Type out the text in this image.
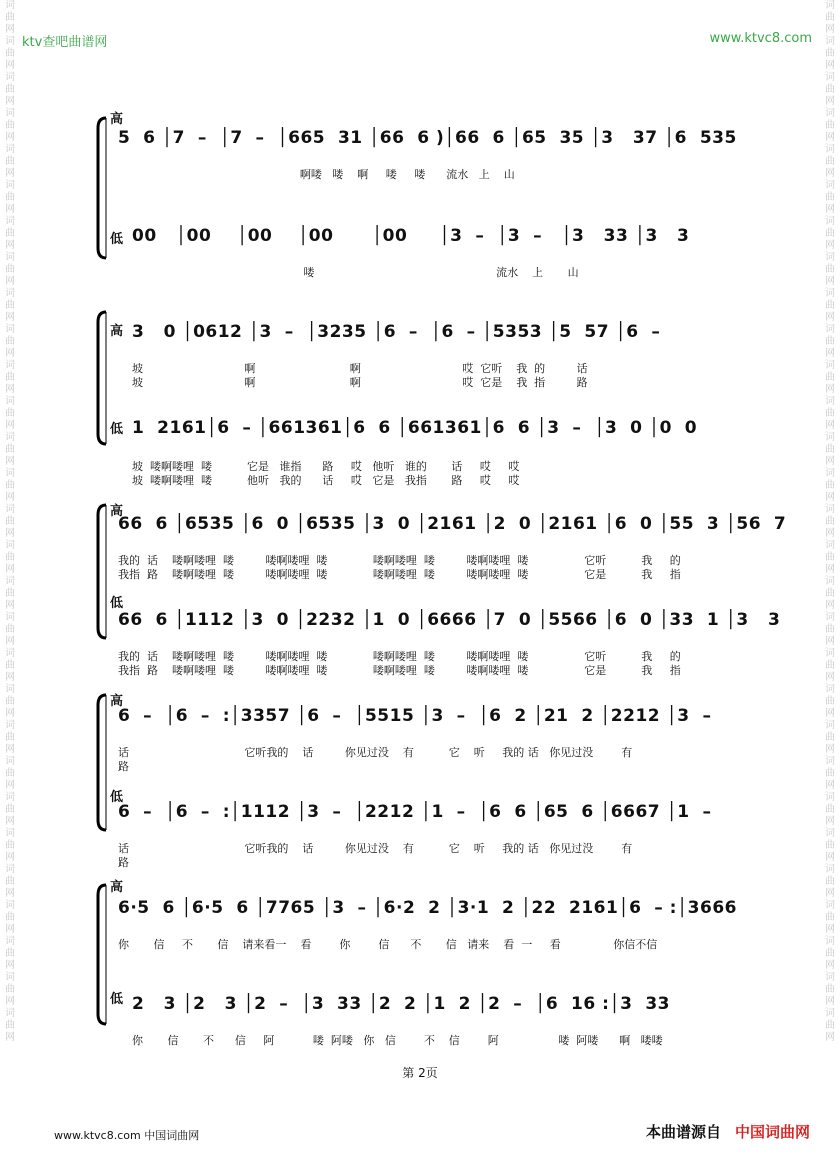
词曲网词曲网词曲网词曲网词曲网词曲网词曲网词曲网词曲网词曲网词曲网词曲网词曲网词曲网词曲网词曲网词曲网词曲网词曲网词曲网词曲网词曲网词曲网词曲网词曲网词曲网词曲网词曲网词曲网
词曲网词曲网词曲网词曲网词曲网词曲网词曲网词曲网词曲网词曲网词曲网词曲网词曲网词曲网词曲网词曲网词曲网词曲网词曲网词曲网词曲网词曲网词曲网词曲网词曲网词曲网词曲网词曲网词曲网
ktv查吧曲谱网	www.ktvc8.com
高
5  6 │7  –  │7  –  │665  31 │66  6 )│66  6 │65  35 │3   37 │6  535
啊喽   喽    啊     喽     喽      流水   上    山
低 00   │00    │00    │00      │00     │3  –  │3  –   │3   33 │3   3
喽                                                    流水    上       山
高 3   0 │0612 │3  –  │3235 │6  –  │6  – │5353 │5  57 │6  –
坡                             啊                           啊                             哎  它听    我  的         话
坡                             啊                           啊                             哎  它是    我  指         路
低 1  2161│6  – │661361│6  6 │661361│6  6 │3  –  │3  0 │0  0
坡  喽啊喽哩  喽          它是   谁指      路     哎   他听   谁的       话     哎     哎
坡  喽啊喽哩  喽          他听   我的      话     哎   它是   我指       路     哎     哎
高
66  6 │6535 │6  0 │6535 │3  0 │2161 │2  0 │2161 │6  0 │55  3 │56  7
我的  话    喽啊喽哩  喽         喽啊喽哩  喽             喽啊喽哩  喽         喽啊喽哩  喽                它听          我     的
我指  路    喽啊喽哩  喽         喽啊喽哩  喽             喽啊喽哩  喽         喽啊喽哩  喽                它是          我     指
低
66  6 │1112 │3  0 │2232 │1  0 │6666 │7  0 │5566 │6  0 │33  1 │3   3
我的  话    喽啊喽哩  喽         喽啊喽哩  喽             喽啊喽哩  喽         喽啊喽哩  喽                它听          我     的
我指  路    喽啊喽哩  喽         喽啊喽哩  喽             喽啊喽哩  喽         喽啊喽哩  喽                它是          我     指
高
6  –  │6  –  :│3357 │6  –  │5515 │3  –  │6  2 │21  2 │2212 │3  –
话                                 它听我的    话         你见过没    有          它    听     我的 话   你见过没        有
路
低
6  –  │6  –  :│1112 │3  –  │2212 │1  –  │6  6 │65  6 │6667 │1  –
话                                 它听我的    话         你见过没    有          它    听     我的 话   你见过没        有
路
高
6·5  6 │6·5  6 │7765 │3  – │6·2  2 │3·1  2 │22  2161│6  – :│3666
你       信     不       信    请来看一    看        你        信      不       信   请来    看  一     看               你信不信
低 2   3 │2   3 │2  –  │3  33 │2  2 │1  2 │2  –  │6  16 :│3  33
你       信       不      信     阿           喽  阿喽   你   信        不    信        阿                 喽  阿喽      啊   喽喽
第 2页
www.ktvc8.com 中国词曲网	本曲谱源自 中国词曲网
